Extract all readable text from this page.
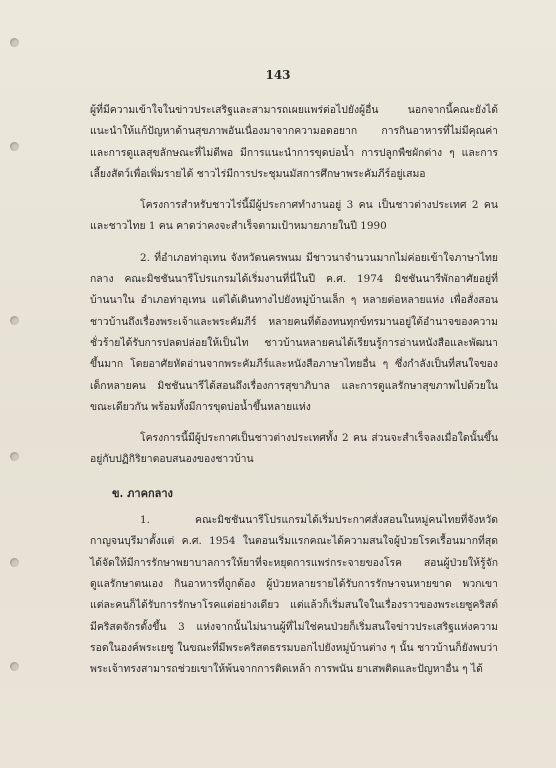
143

ผู้ที่มีความเข้าใจในข่าวประเสริฐและสามารถเผยแพร่ต่อไปยังผู้อื่น นอกจากนี้คณะยังได้แนะนำให้แก้ปัญหาด้านสุขภาพอันเนื่องมาจากความอดอยาก การกินอาหารที่ไม่มีคุณค่า และการดูแลสุขลักษณะที่ไม่ดีพอ มีการแนะนำการขุดบ่อน้ำ การปลูกพืชผักต่าง ๆ และการเลี้ยงสัตว์เพื่อเพิ่มรายได้ ชาวไร่มีการประชุมนมัสการศึกษาพระคัมภีร์อยู่เสมอ

โครงการสำหรับชาวไร่นี้มีผู้ประกาศทำงานอยู่ 3 คน เป็นชาวต่างประเทศ 2 คน และชาวไทย 1 คน คาดว่าคงจะสำเร็จตามเป้าหมายภายในปี 1990

2. ที่อำเภอท่าอุเทน จังหวัดนครพนม มีชาวนาจำนวนมากไม่ค่อยเข้าใจภาษาไทยกลาง คณะมิชชันนารีโปรแกรมได้เริ่มงานที่นี่ในปี ค.ศ. 1974 มิชชันนารีพักอาศัยอยู่ที่บ้านนาใน อำเภอท่าอุเทน แต่ได้เดินทางไปยังหมู่บ้านเล็ก ๆ หลายต่อหลายแห่ง เพื่อสั่งสอนชาวบ้านถึงเรื่องพระเจ้าและพระคัมภีร์ หลายคนที่ต้องทนทุกข์ทรมานอยู่ใต้อำนาจของความชั่วร้ายได้รับการปลดปล่อยให้เป็นไท ชาวบ้านหลายคนได้เรียนรู้การอ่านหนังสือและพัฒนาขึ้นมาก โดยอาศัยหัดอ่านจากพระคัมภีร์และหนังสือภาษาไทยอื่น ๆ ซึ่งกำลังเป็นที่สนใจของเด็กหลายคน มิชชันนารีได้สอนถึงเรื่องการสุขาภิบาล และการดูแลรักษาสุขภาพไปด้วยในขณะเดียวกัน พร้อมทั้งมีการขุดบ่อน้ำขึ้นหลายแห่ง

โครงการนี้มีผู้ประกาศเป็นชาวต่างประเทศทั้ง 2 คน ส่วนจะสำเร็จลงเมื่อใดนั้นขึ้นอยู่กับปฏิกิริยาตอบสนองของชาวบ้าน

ข. ภาคกลาง

1. คณะมิชชันนารีโปรแกรมได้เริ่มประกาศสั่งสอนในหมู่คนไทยที่จังหวัดกาญจนบุรีมาตั้งแต่ ค.ศ. 1954 ในตอนเริ่มแรกคณะได้ความสนใจผู้ป่วยโรคเรื้อนมากที่สุด ได้จัดให้มีการรักษาพยาบาลการให้ยาที่จะหยุดการแพร่กระจายของโรค สอนผู้ป่วยให้รู้จักดูแลรักษาตนเอง กินอาหารที่ถูกต้อง ผู้ป่วยหลายรายได้รับการรักษาจนหายขาด พวกเขาแต่ละคนก็ได้รับการรักษาโรคแต่อย่างเดียว แต่แล้วก็เริ่มสนใจในเรื่องราวของพระเยซูคริสต์ มีคริสตจักรตั้งขึ้น 3 แห่งจากนั้นไม่นานผู้ที่ไม่ใช่คนป่วยก็เริ่มสนใจข่าวประเสริฐแห่งความรอดในองค์พระเยซู ในขณะที่มีพระคริสตธรรมบอกไปยังหมู่บ้านต่าง ๆ นั้น ชาวบ้านก็ยังพบว่าพระเจ้าทรงสามารถช่วยเขาให้พ้นจากการติดเหล้า การพนัน ยาเสพติดและปัญหาอื่น ๆ ได้
